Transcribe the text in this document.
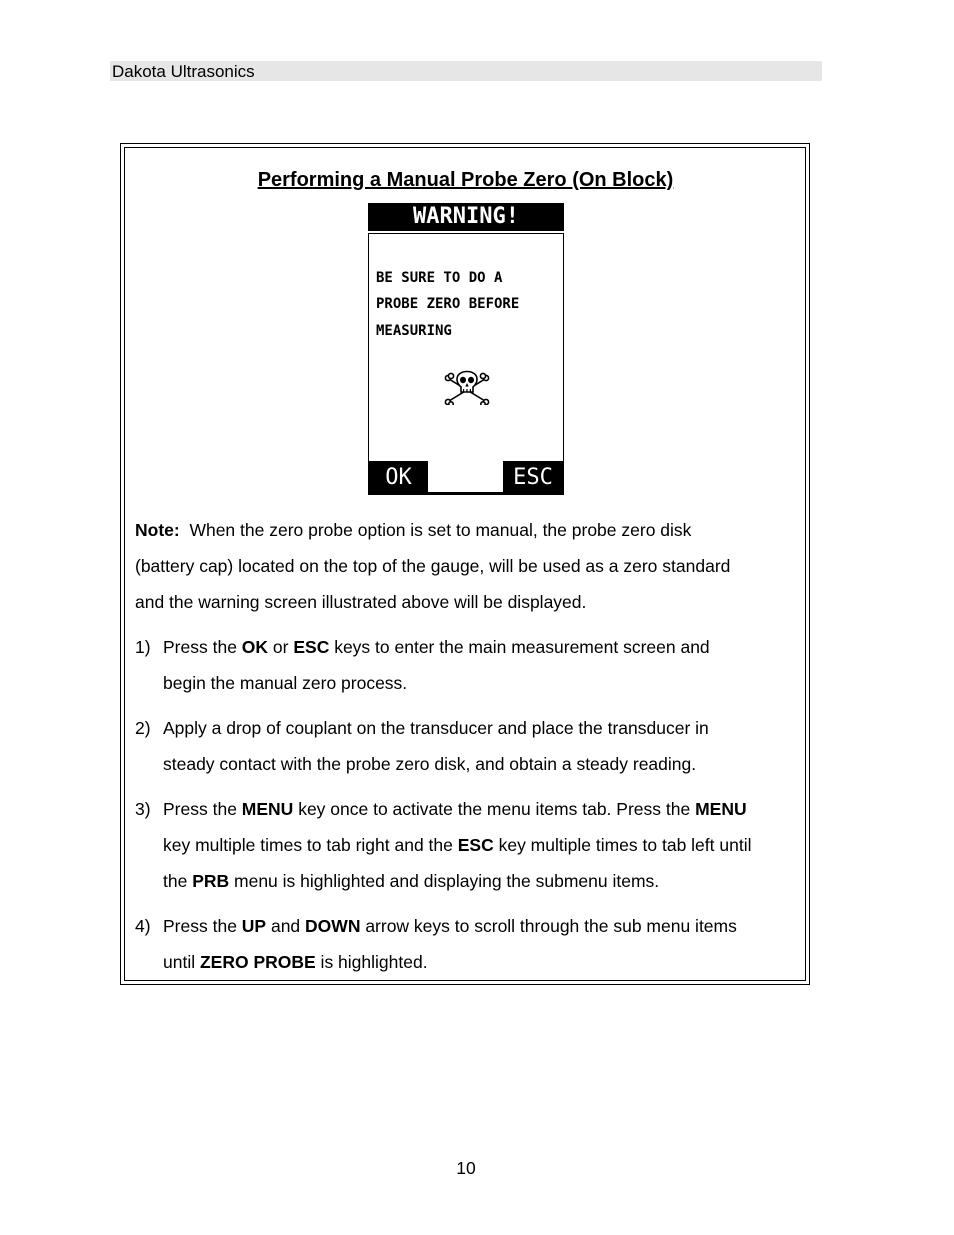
Dakota Ultrasonics
Performing a Manual Probe Zero (On Block)
WARNING!
BE SURE TO DO A
PROBE ZERO BEFORE
MEASURING
OK	ESC
Note: When the zero probe option is set to manual, the probe zero disk
(battery cap) located on the top of the gauge, will be used as a zero standard
and the warning screen illustrated above will be displayed.
1) Press the OK or ESC keys to enter the main measurement screen and
begin the manual zero process.
2) Apply a drop of couplant on the transducer and place the transducer in
steady contact with the probe zero disk, and obtain a steady reading.
3) Press the MENU key once to activate the menu items tab. Press the MENU
key multiple times to tab right and the ESC key multiple times to tab left until
the PRB menu is highlighted and displaying the submenu items.
4) Press the UP and DOWN arrow keys to scroll through the sub menu items
until ZERO PROBE is highlighted.
10
